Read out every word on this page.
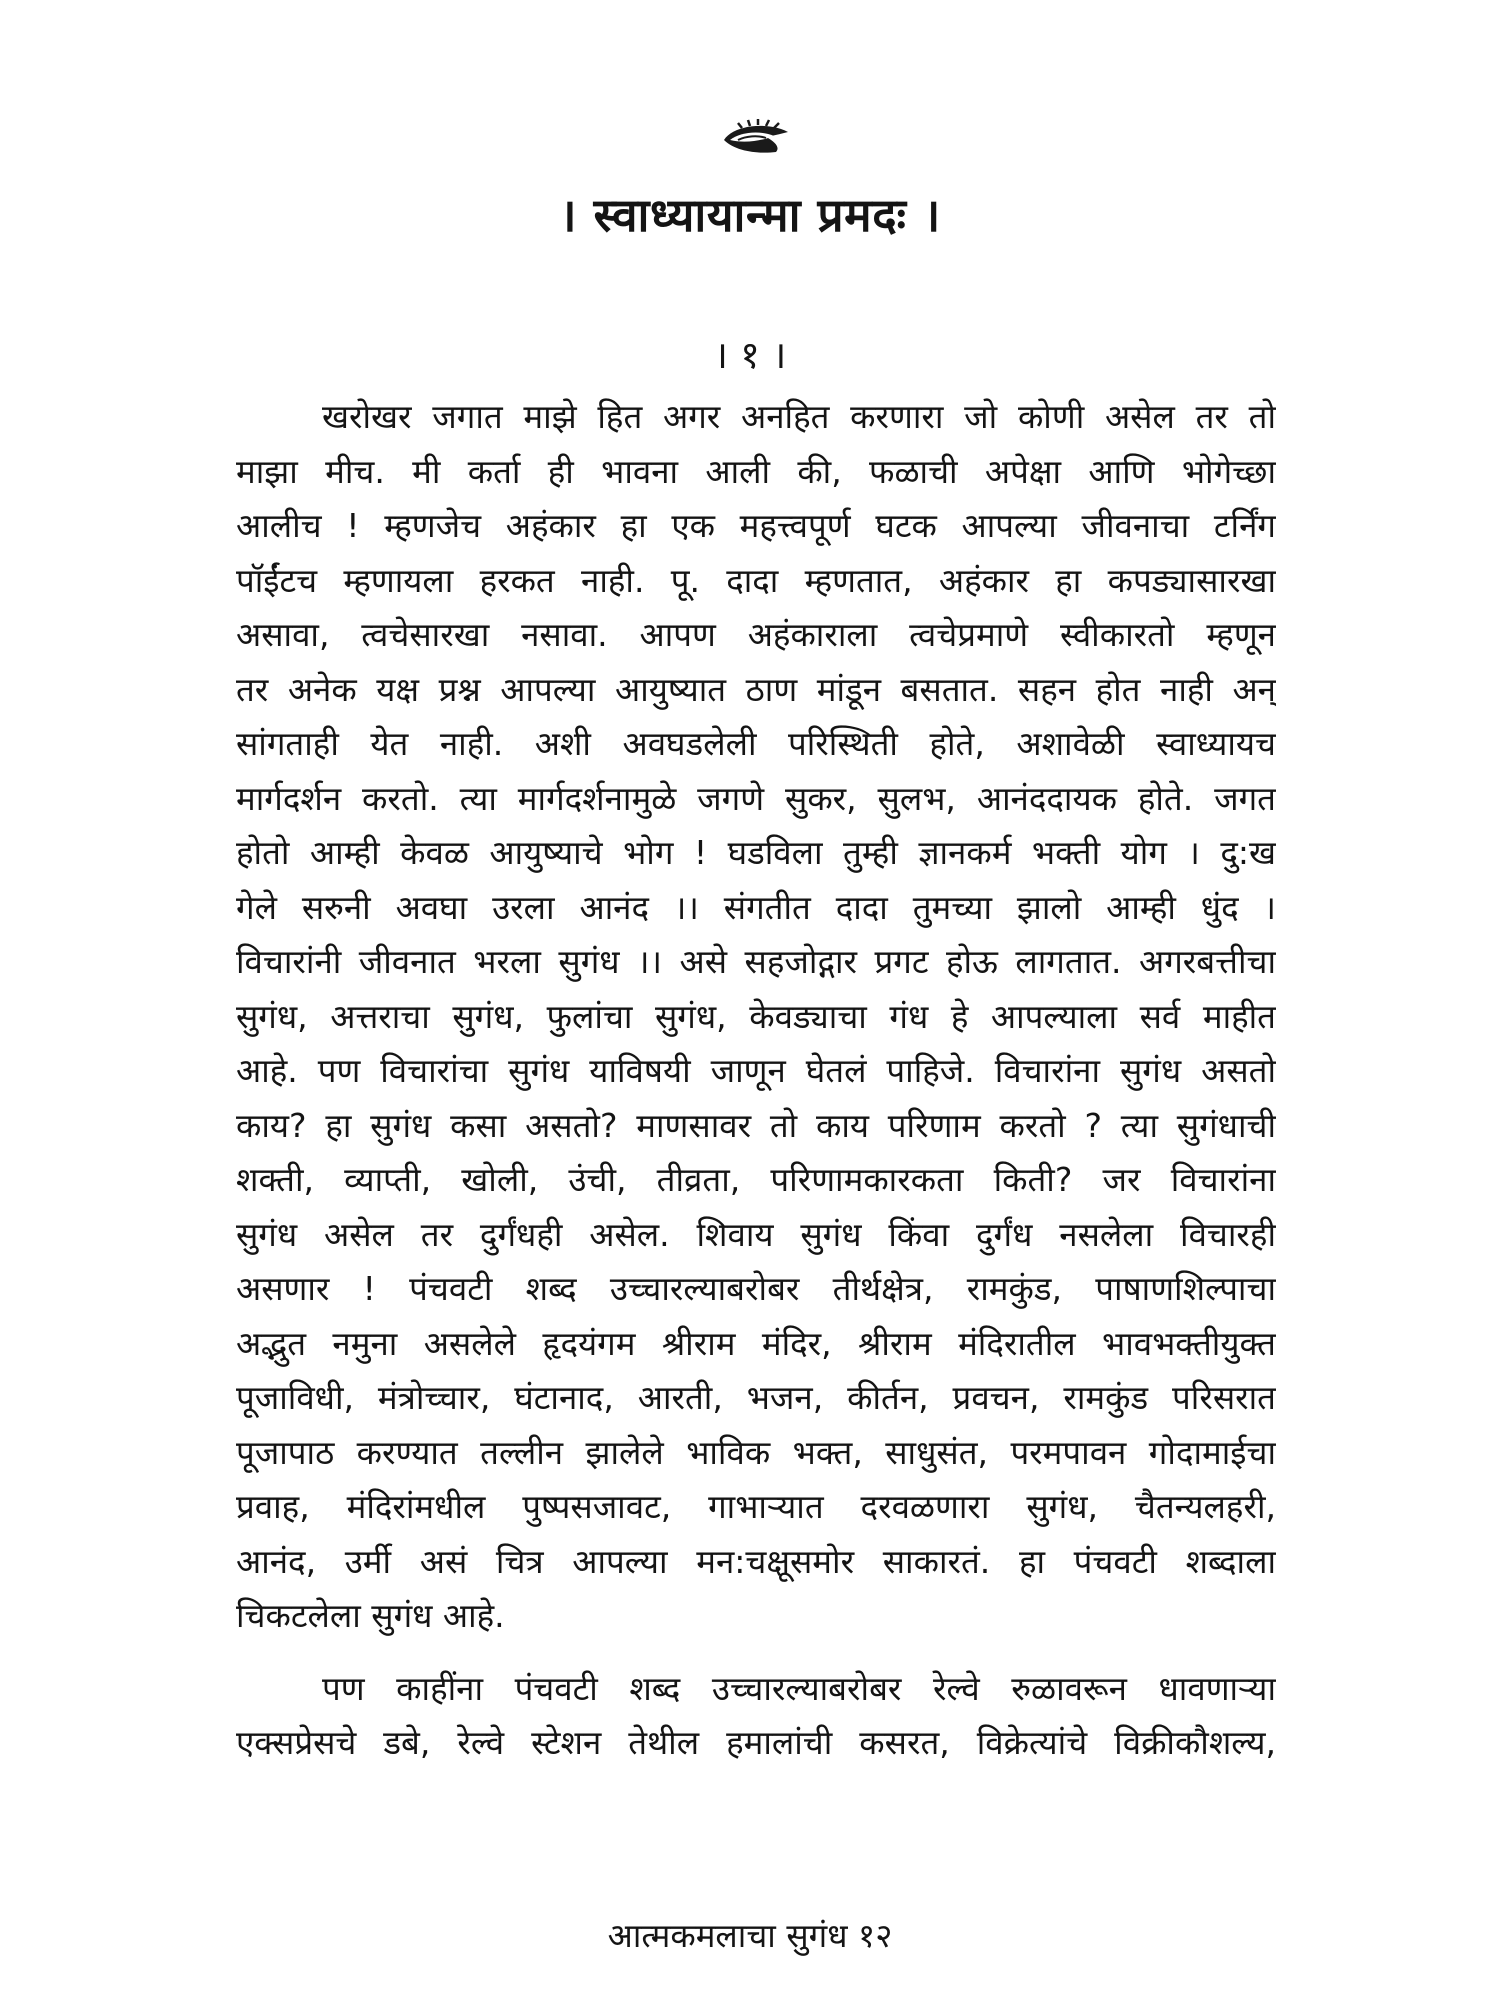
। स्वाध्यायान्मा प्रमदः ।
। १ ।
खरोखर जगात माझे हित अगर अनहित करणारा जो कोणी असेल तर तो
माझा मीच. मी कर्ता ही भावना आली की, फळाची अपेक्षा आणि भोगेच्छा
आलीच ! म्हणजेच अहंकार हा एक महत्त्वपूर्ण घटक आपल्या जीवनाचा टर्निंग
पॉईंटच म्हणायला हरकत नाही. पू. दादा म्हणतात, अहंकार हा कपड्यासारखा
असावा, त्वचेसारखा नसावा. आपण अहंकाराला त्वचेप्रमाणे स्वीकारतो म्हणून
तर अनेक यक्ष प्रश्न आपल्या आयुष्यात ठाण मांडून बसतात. सहन होत नाही अन्
सांगताही येत नाही. अशी अवघडलेली परिस्थिती होते, अशावेळी स्वाध्यायच
मार्गदर्शन करतो. त्या मार्गदर्शनामुळे जगणे सुकर, सुलभ, आनंददायक होते. जगत
होतो आम्ही केवळ आयुष्याचे भोग ! घडविला तुम्ही ज्ञानकर्म भक्ती योग । दु:ख
गेले सरुनी अवघा उरला आनंद ।। संगतीत दादा तुमच्या झालो आम्ही धुंद ।
विचारांनी जीवनात भरला सुगंध ।। असे सहजोद्गार प्रगट होऊ लागतात. अगरबत्तीचा
सुगंध, अत्तराचा सुगंध, फुलांचा सुगंध, केवड्याचा गंध हे आपल्याला सर्व माहीत
आहे. पण विचारांचा सुगंध याविषयी जाणून घेतलं पाहिजे. विचारांना सुगंध असतो
काय? हा सुगंध कसा असतो? माणसावर तो काय परिणाम करतो ? त्या सुगंधाची
शक्ती, व्याप्ती, खोली, उंची, तीव्रता, परिणामकारकता किती? जर विचारांना
सुगंध असेल तर दुर्गंधही असेल. शिवाय सुगंध किंवा दुर्गंध नसलेला विचारही
असणार ! पंचवटी शब्द उच्चारल्याबरोबर तीर्थक्षेत्र, रामकुंड, पाषाणशिल्पाचा
अद्भुत नमुना असलेले हृदयंगम श्रीराम मंदिर, श्रीराम मंदिरातील भावभक्तीयुक्त
पूजाविधी, मंत्रोच्चार, घंटानाद, आरती, भजन, कीर्तन, प्रवचन, रामकुंड परिसरात
पूजापाठ करण्यात तल्लीन झालेले भाविक भक्त, साधुसंत, परमपावन गोदामाईचा
प्रवाह, मंदिरांमधील पुष्पसजावट, गाभाऱ्यात दरवळणारा सुगंध, चैतन्यलहरी,
आनंद, उर्मी असं चित्र आपल्या मन:चक्षूसमोर साकारतं. हा पंचवटी शब्दाला
चिकटलेला सुगंध आहे.
पण काहींना पंचवटी शब्द उच्चारल्याबरोबर रेल्वे रुळावरून धावणाऱ्या
एक्सप्रेसचे डबे, रेल्वे स्टेशन तेथील हमालांची कसरत, विक्रेत्यांचे विक्रीकौशल्य,
आत्मकमलाचा सुगंध १२
